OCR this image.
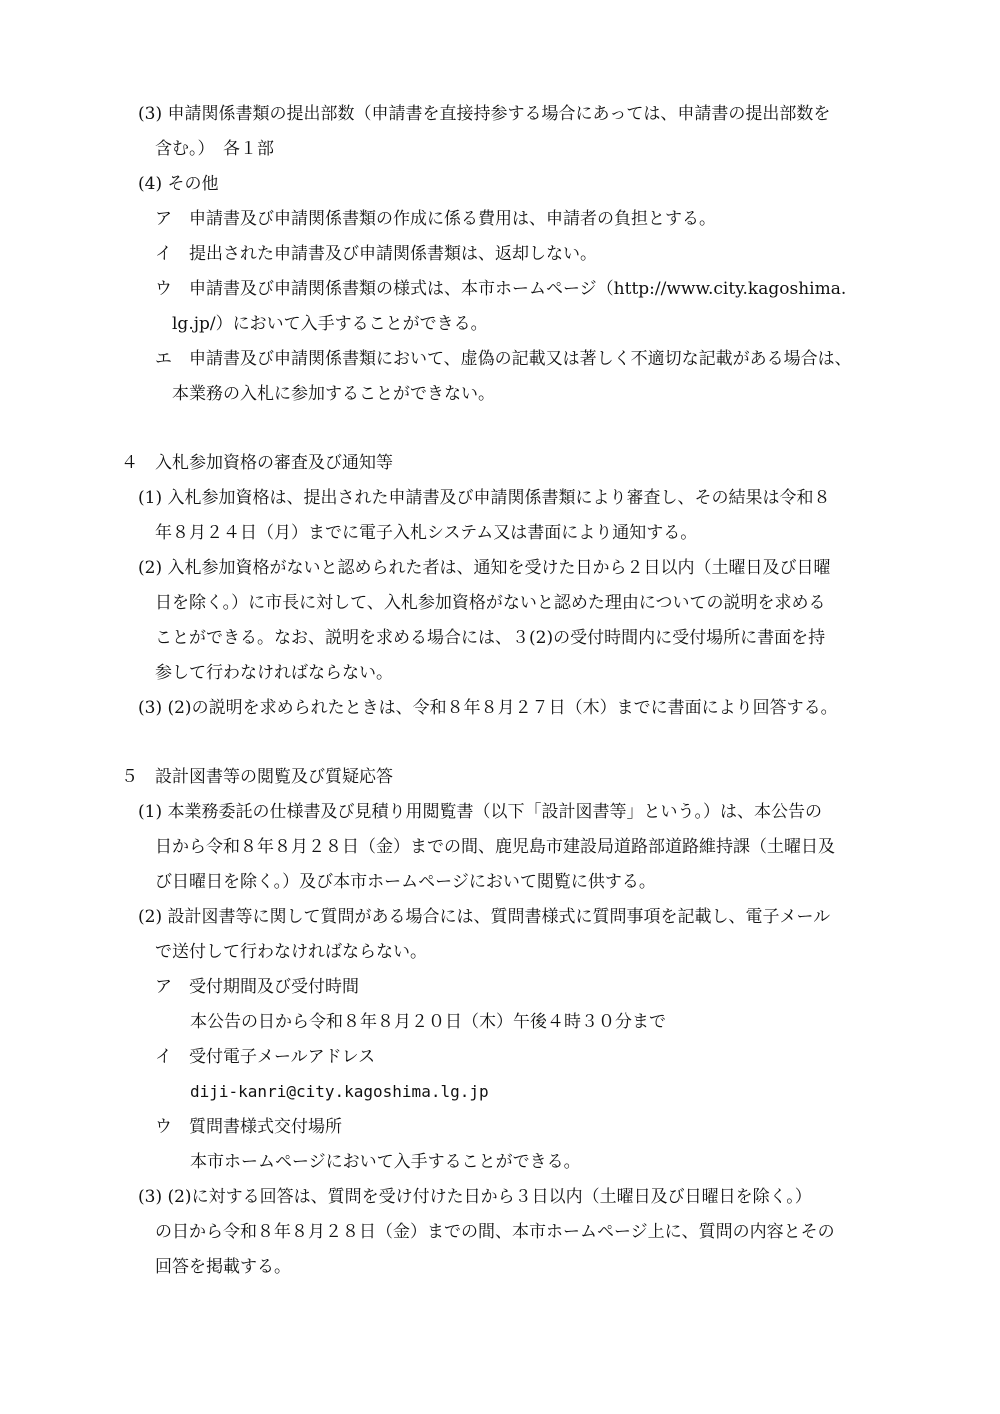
(3) 申請関係書類の提出部数（申請書を直接持参する場合にあっては、申請書の提出部数を
含む。）　各１部
(4) その他
ア　申請書及び申請関係書類の作成に係る費用は、申請者の負担とする。
イ　提出された申請書及び申請関係書類は、返却しない。
ウ　申請書及び申請関係書類の様式は、本市ホームページ（http://www.city.kagoshima.
lg.jp/）において入手することができる。
エ　申請書及び申請関係書類において、虚偽の記載又は著しく不適切な記載がある場合は、
本業務の入札に参加することができない。
４　入札参加資格の審査及び通知等
(1) 入札参加資格は、提出された申請書及び申請関係書類により審査し、その結果は令和８
年８月２４日（月）までに電子入札システム又は書面により通知する。
(2) 入札参加資格がないと認められた者は、通知を受けた日から２日以内（土曜日及び日曜
日を除く。）に市長に対して、入札参加資格がないと認めた理由についての説明を求める
ことができる。なお、説明を求める場合には、３(2)の受付時間内に受付場所に書面を持
参して行わなければならない。
(3) (2)の説明を求められたときは、令和８年８月２７日（木）までに書面により回答する。
５　設計図書等の閲覧及び質疑応答
(1) 本業務委託の仕様書及び見積り用閲覧書（以下「設計図書等」という。）は、本公告の
日から令和８年８月２８日（金）までの間、鹿児島市建設局道路部道路維持課（土曜日及
び日曜日を除く。）及び本市ホームページにおいて閲覧に供する。
(2) 設計図書等に関して質問がある場合には、質問書様式に質問事項を記載し、電子メール
で送付して行わなければならない。
ア　受付期間及び受付時間
本公告の日から令和８年８月２０日（木）午後４時３０分まで
イ　受付電子メールアドレス
diji-kanri@city.kagoshima.lg.jp
ウ　質問書様式交付場所
本市ホームページにおいて入手することができる。
(3) (2)に対する回答は、質問を受け付けた日から３日以内（土曜日及び日曜日を除く。）
の日から令和８年８月２８日（金）までの間、本市ホームページ上に、質問の内容とその
回答を掲載する。
